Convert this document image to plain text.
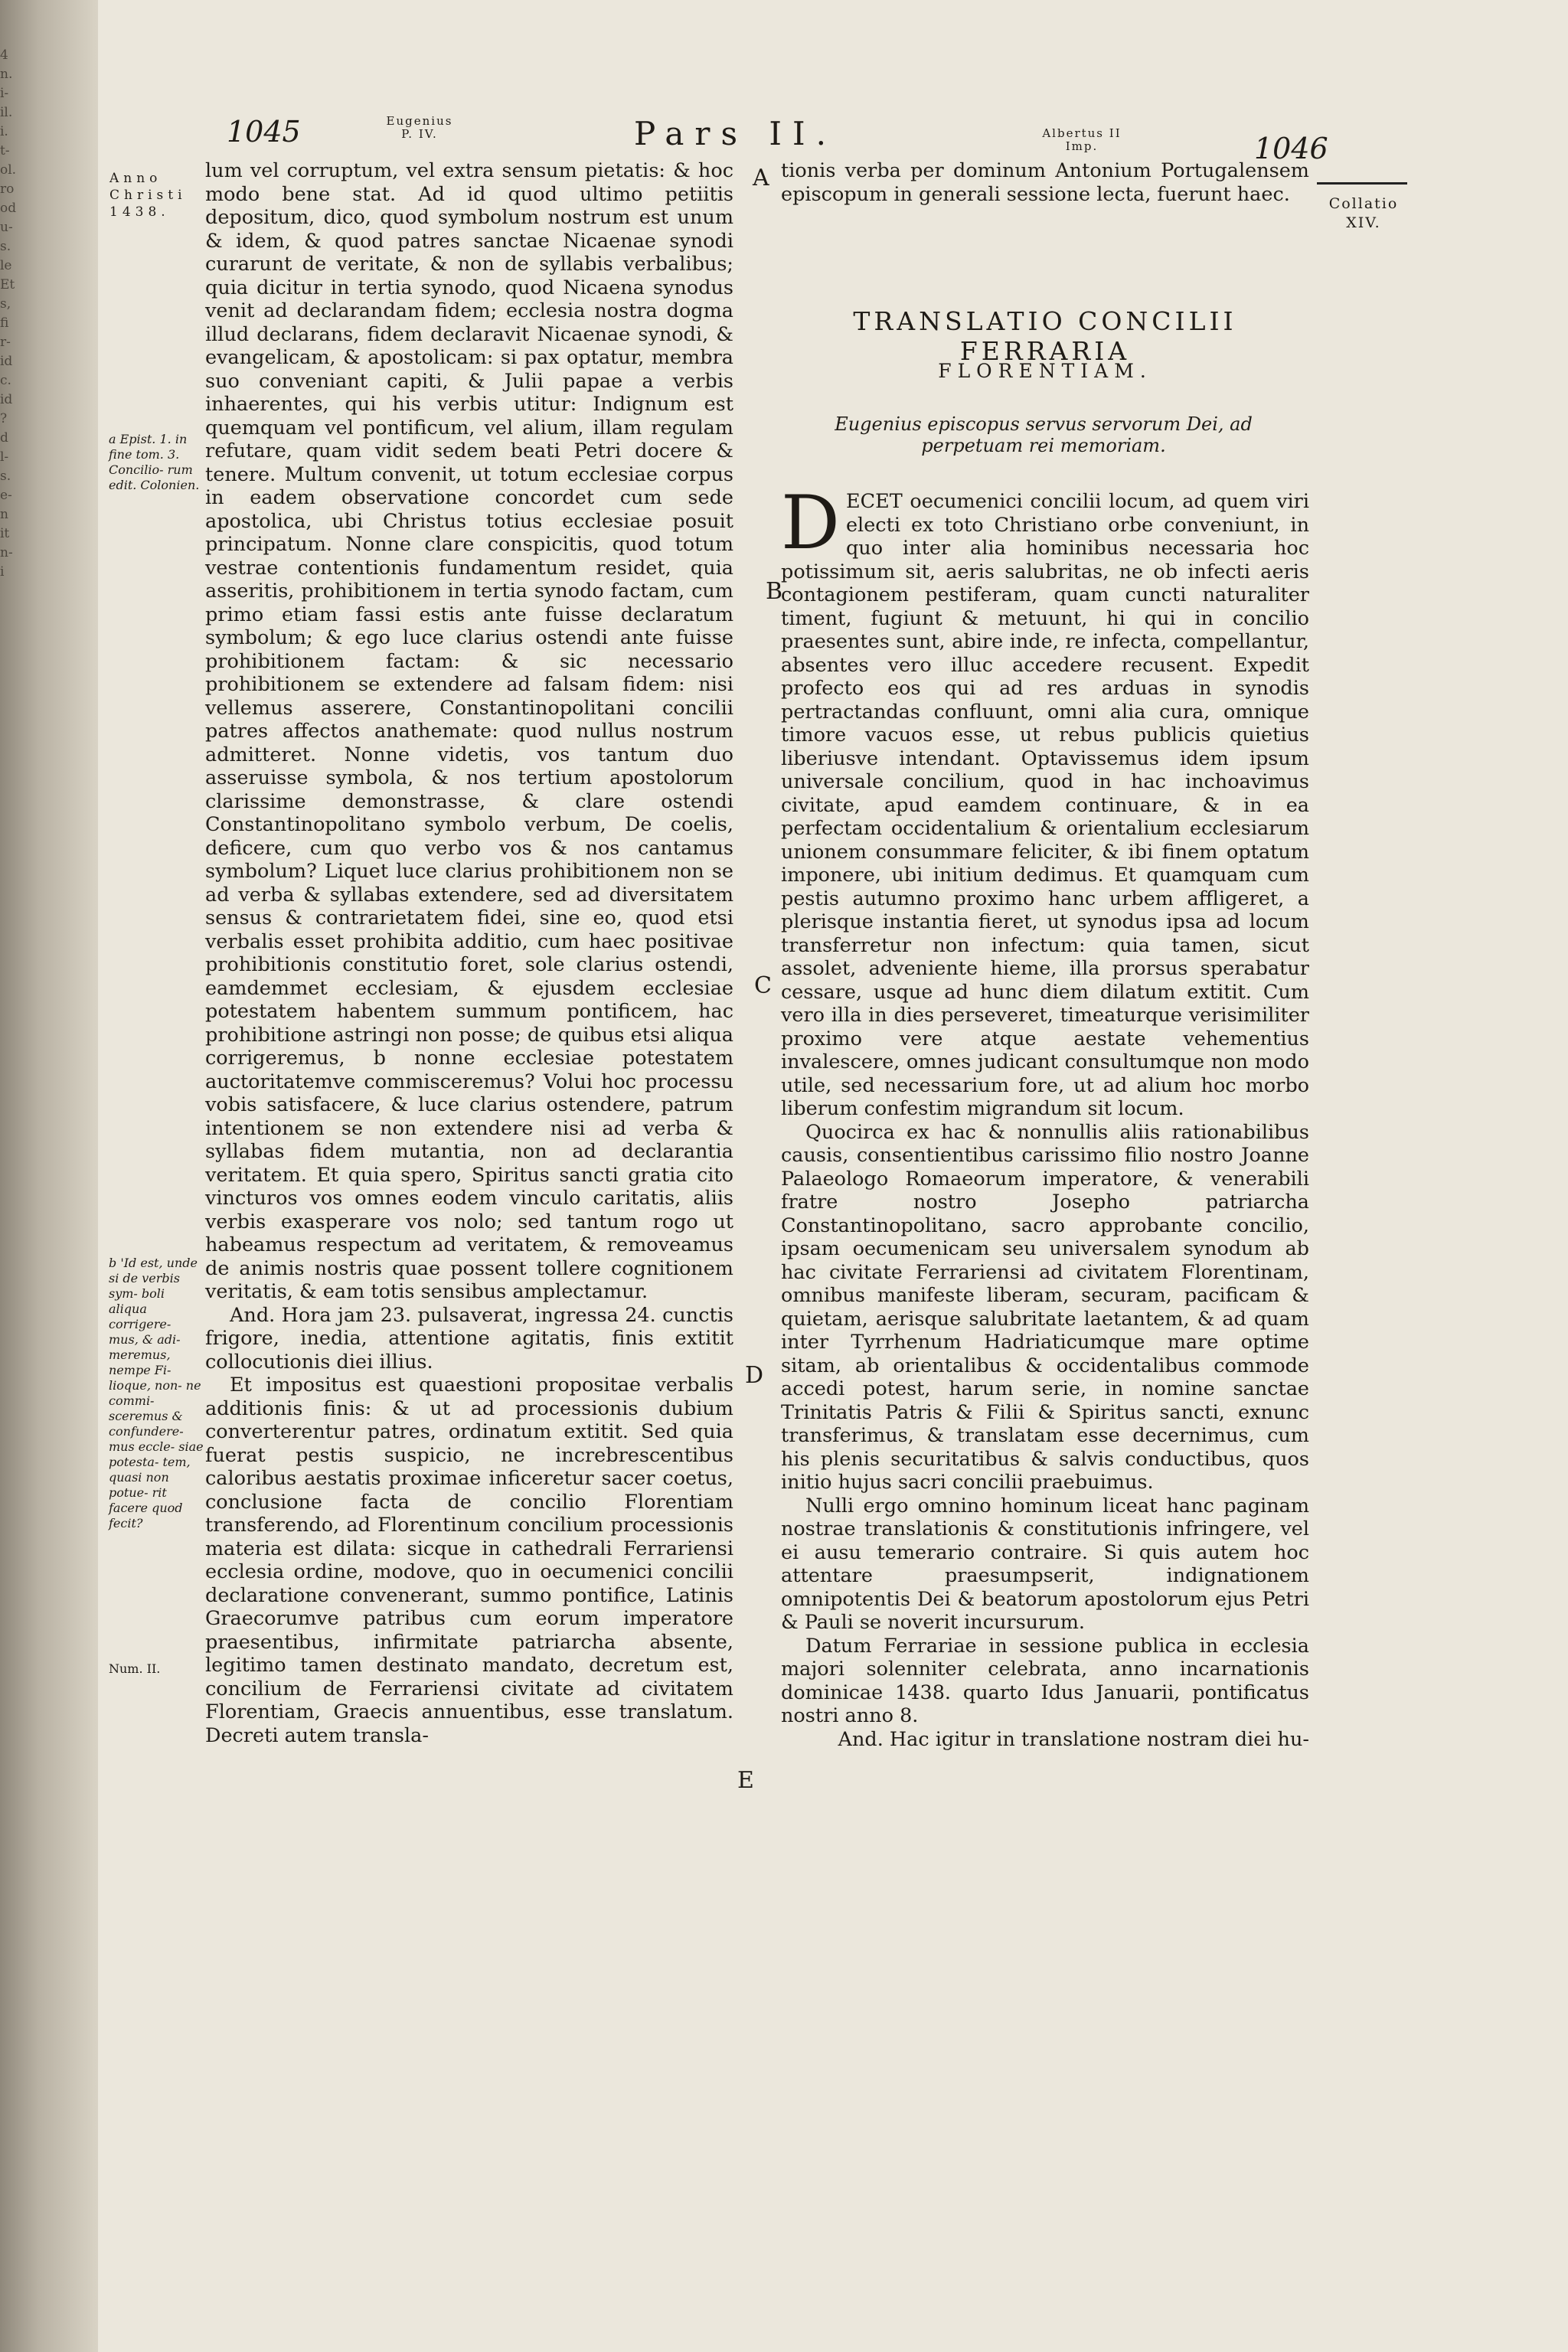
4
n.
i-
il.
i.
t-
ol.
ro
od
u-
s.
le
Et
s,
fi
r-
id
c.
id
?
d
l-
s.
e-
n
it
n-
i
1045	Eugenius
P. IV.	Pars II.	Albertus II
Imp.	1046
Collatio
XIV.
Anno
Christi
1438.
a Epist. 1. in fine tom. 3. Concilio- rum edit. Colonien.
b 'Id est, unde si de verbis sym- boli aliqua corrigere- mus, & adi- meremus, nempe Fi- lioque, non- ne commi- sceremus & confundere- mus eccle- siae potesta- tem, quasi non potue- rit facere quod fecit?
Num. II.
A
B
C
D
E

lum vel corruptum, vel extra sensum pietatis: & hoc modo bene stat. Ad id quod ultimo petiitis depositum, dico, quod symbolum nostrum est unum & idem, & quod patres sanctae Nicaenae synodi curarunt de veritate, & non de syllabis verbalibus; quia dicitur in tertia synodo, quod Nicaena synodus venit ad declarandam fidem; ecclesia nostra dogma illud declarans, fidem declaravit Nicaenae synodi, & evangelicam, & apostolicam: si pax optatur, membra suo conveniant capiti, & Julii papae a verbis inhaerentes, qui his verbis utitur: Indignum est quemquam vel pontificum, vel alium, illam regulam refutare, quam vidit sedem beati Petri docere & tenere. Multum convenit, ut totum ecclesiae corpus in eadem observatione concordet cum sede apostolica, ubi Christus totius ecclesiae posuit principatum. Nonne clare conspicitis, quod totum vestrae contentionis fundamentum residet, quia asseritis, prohibitionem in tertia synodo factam, cum primo etiam fassi estis ante fuisse declaratum symbolum; & ego luce clarius ostendi ante fuisse prohibitionem factam: & sic necessario prohibitionem se extendere ad falsam fidem: nisi vellemus asserere, Constantinopolitani concilii patres affectos anathemate: quod nullus nostrum admitteret. Nonne videtis, vos tantum duo asseruisse symbola, & nos tertium apostolorum clarissime demonstrasse, & clare ostendi Constantinopolitano symbolo verbum, De coelis, deficere, cum quo verbo vos & nos cantamus symbolum? Liquet luce clarius prohibitionem non se ad verba & syllabas extendere, sed ad diversitatem sensus & contrarietatem fidei, sine eo, quod etsi verbalis esset prohibita additio, cum haec positivae prohibitionis constitutio foret, sole clarius ostendi, eamdemmet ecclesiam, & ejusdem ecclesiae potestatem habentem summum pontificem, hac prohibitione astringi non posse; de quibus etsi aliqua corrigeremus, b nonne ecclesiae potestatem auctoritatemve commisceremus? Volui hoc processu vobis satisfacere, & luce clarius ostendere, patrum intentionem se non extendere nisi ad verba & syllabas fidem mutantia, non ad declarantia veritatem. Et quia spero, Spiritus sancti gratia cito vincturos vos omnes eodem vinculo caritatis, aliis verbis exasperare vos nolo; sed tantum rogo ut habeamus respectum ad veritatem, & removeamus de animis nostris quae possent tollere cognitionem veritatis, & eam totis sensibus amplectamur.

And. Hora jam 23. pulsaverat, ingressa 24. cunctis frigore, inedia, attentione agitatis, finis extitit collocutionis diei illius.

Et impositus est quaestioni propositae verbalis additionis finis: & ut ad processionis dubium converterentur patres, ordinatum extitit. Sed quia fuerat pestis suspicio, ne increbrescentibus caloribus aestatis proximae inficeretur sacer coetus, conclusione facta de concilio Florentiam transferendo, ad Florentinum concilium processionis materia est dilata: sicque in cathedrali Ferrariensi ecclesia ordine, modove, quo in oecumenici concilii declaratione convenerant, summo pontifice, Latinis Graecorumve patribus cum eorum imperatore praesentibus, infirmitate patriarcha absente, legitimo tamen destinato mandato, decretum est, concilium de Ferrariensi civitate ad civitatem Florentiam, Graecis annuentibus, esse translatum. Decreti autem transla-

tionis verba per dominum Antonium Portugalensem episcopum in generali sessione lecta, fuerunt haec.

TRANSLATIO CONCILII FERRARIA
FLORENTIAM.
Eugenius episcopus servus servorum Dei, ad perpetuam rei memoriam.

DECET oecumenici concilii locum, ad quem viri electi ex toto Christiano orbe conveniunt, in quo inter alia hominibus necessaria hoc potissimum sit, aeris salubritas, ne ob infecti aeris contagionem pestiferam, quam cuncti naturaliter timent, fugiunt & metuunt, hi qui in concilio praesentes sunt, abire inde, re infecta, compellantur, absentes vero illuc accedere recusent. Expedit profecto eos qui ad res arduas in synodis pertractandas confluunt, omni alia cura, omnique timore vacuos esse, ut rebus publicis quietius liberiusve intendant. Optavissemus idem ipsum universale concilium, quod in hac inchoavimus civitate, apud eamdem continuare, & in ea perfectam occidentalium & orientalium ecclesiarum unionem consummare feliciter, & ibi finem optatum imponere, ubi initium dedimus. Et quamquam cum pestis autumno proximo hanc urbem affligeret, a plerisque instantia fieret, ut synodus ipsa ad locum transferretur non infectum: quia tamen, sicut assolet, adveniente hieme, illa prorsus sperabatur cessare, usque ad hunc diem dilatum extitit. Cum vero illa in dies perseveret, timeaturque verisimiliter proximo vere atque aestate vehementius invalescere, omnes judicant consultumque non modo utile, sed necessarium fore, ut ad alium hoc morbo liberum confestim migrandum sit locum.

Quocirca ex hac & nonnullis aliis rationabilibus causis, consentientibus carissimo filio nostro Joanne Palaeologo Romaeorum imperatore, & venerabili fratre nostro Josepho patriarcha Constantinopolitano, sacro approbante concilio, ipsam oecumenicam seu universalem synodum ab hac civitate Ferrariensi ad civitatem Florentinam, omnibus manifeste liberam, securam, pacificam & quietam, aerisque salubritate laetantem, & ad quam inter Tyrrhenum Hadriaticumque mare optime sitam, ab orientalibus & occidentalibus commode accedi potest, harum serie, in nomine sanctae Trinitatis Patris & Filii & Spiritus sancti, exnunc transferimus, & translatam esse decernimus, cum his plenis securitatibus & salvis conductibus, quos initio hujus sacri concilii praebuimus.

Nulli ergo omnino hominum liceat hanc paginam nostrae translationis & constitutionis infringere, vel ei ausu temerario contraire. Si quis autem hoc attentare praesumpserit, indignationem omnipotentis Dei & beatorum apostolorum ejus Petri & Pauli se noverit incursurum.

Datum Ferrariae in sessione publica in ecclesia majori solenniter celebrata, anno incarnationis dominicae 1438. quarto Idus Januarii, pontificatus nostri anno 8.

And. Hac igitur in translatione nostram diei hu-
